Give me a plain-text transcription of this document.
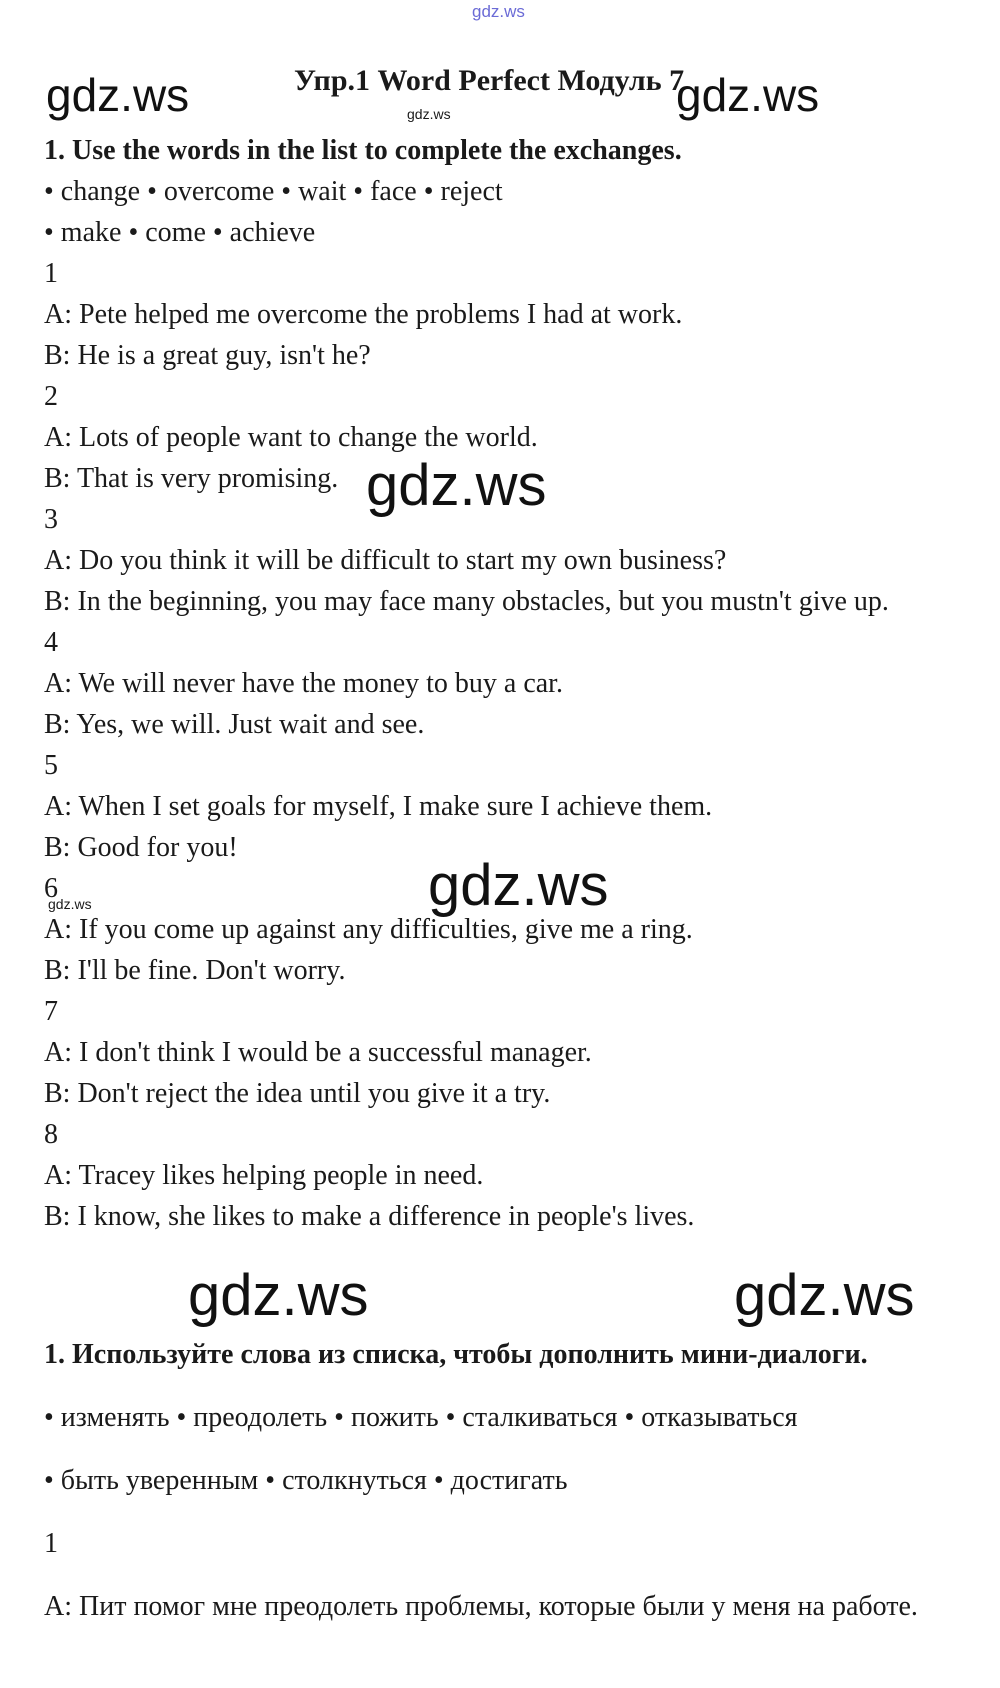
gdz.ws
Упр.1 Word Perfect Модуль 7
gdz.ws
gdz.ws	gdz.ws
gdz.ws
gdz.ws
gdz.ws
gdz.ws	gdz.ws
1. Use the words in the list to complete the exchanges.
• change • overcome • wait • face • reject
• make • come • achieve
1
A: Pete helped me overcome the problems I had at work.
B: He is a great guy, isn't he?
2
A: Lots of people want to change the world.
B: That is very promising.
3
A: Do you think it will be difficult to start my own business?
B: In the beginning, you may face many obstacles, but you mustn't give up.
4
A: We will never have the money to buy a car.
B: Yes, we will. Just wait and see.
5
A: When I set goals for myself, I make sure I achieve them.
B: Good for you!
6
A: If you come up against any difficulties, give me a ring.
B: I'll be fine. Don't worry.
7
A: I don't think I would be a successful manager.
B: Don't reject the idea until you give it a try.
8
A: Tracey likes helping people in need.
B: I know, she likes to make a difference in people's lives.
1. Используйте слова из списка, чтобы дополнить мини-диалоги.
• изменять • преодолеть • пожить • сталкиваться • отказываться
• быть уверенным • столкнуться • достигать
1
А: Пит помог мне преодолеть проблемы, которые были у меня на работе.
